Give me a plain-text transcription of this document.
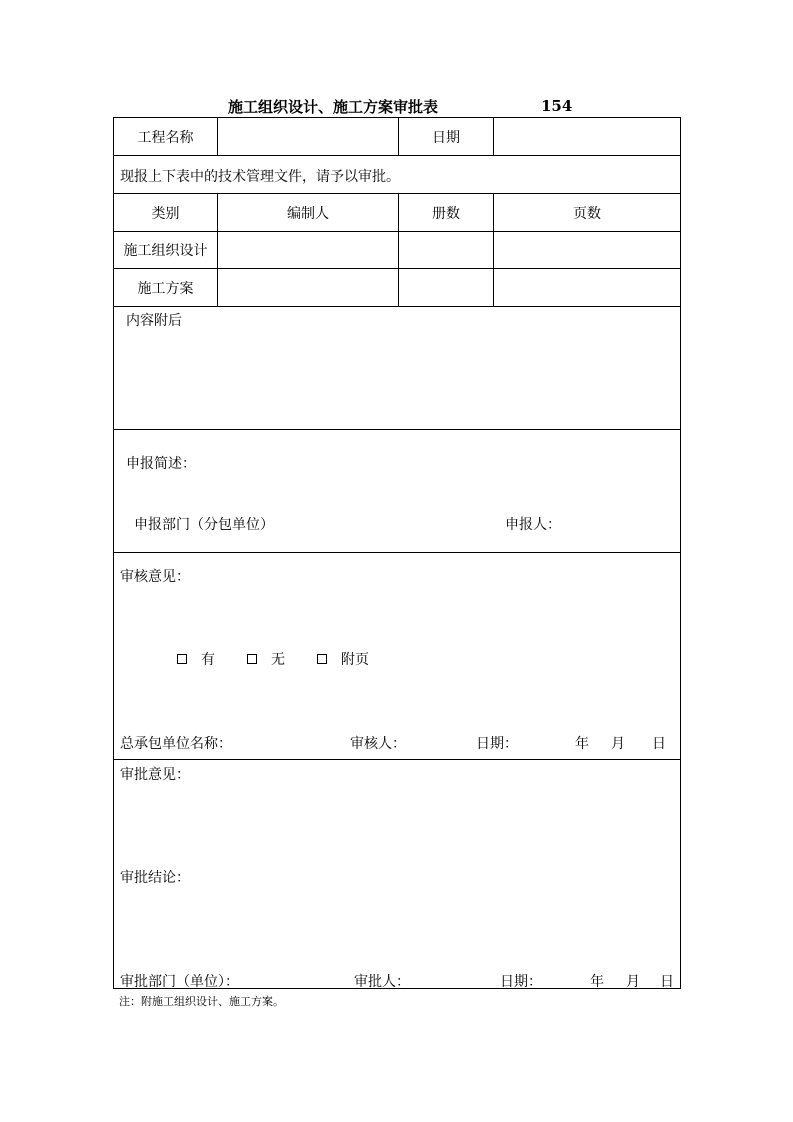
施工组织设计、施工方案审批表	154
工程名称	日期
现报上下表中的技术管理文件，请予以审批。
类别	编制人	册数	页数
施工组织设计
施工方案
内容附后
申报简述：
申报部门（分包单位）	申报人：
审核意见：
有	无	附页
总承包单位名称：	审核人：	日期：	年 月 日
审批意见：
审批结论：
审批部门（单位）：	审批人：	日期：	年 月 日
注：附施工组织设计、施工方案。
